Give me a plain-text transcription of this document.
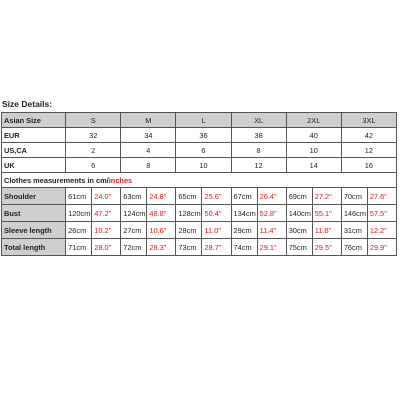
Size Details:
Asian Size	S		M		L		XL		2XL		3XL	
EUR	32		34		36		38		40		42	
US,CA	2		4		6		8		10		12	
UK	6		8		10		12		14		16	
Clothes measurements in cm/inches												
Shoulder	61cm	24.0"	63cm	24.8"	65cm	25.6"	67cm	26.4"	69cm	27.2"	70cm	27.6"
Bust	120cm	47.2"	124cm	48.8"	128cm	50.4"	134cm	52.8"	140cm	55.1"	146cm	57.5"
Sleeve length	26cm	10.2"	27cm	10.6"	28cm	11.0"	29cm	11.4"	30cm	11.8"	31cm	12.2"
Total length	71cm	28.0"	72cm	28.3"	73cm	28.7"	74cm	29.1"	75cm	29.5"	76cm	29.9"
